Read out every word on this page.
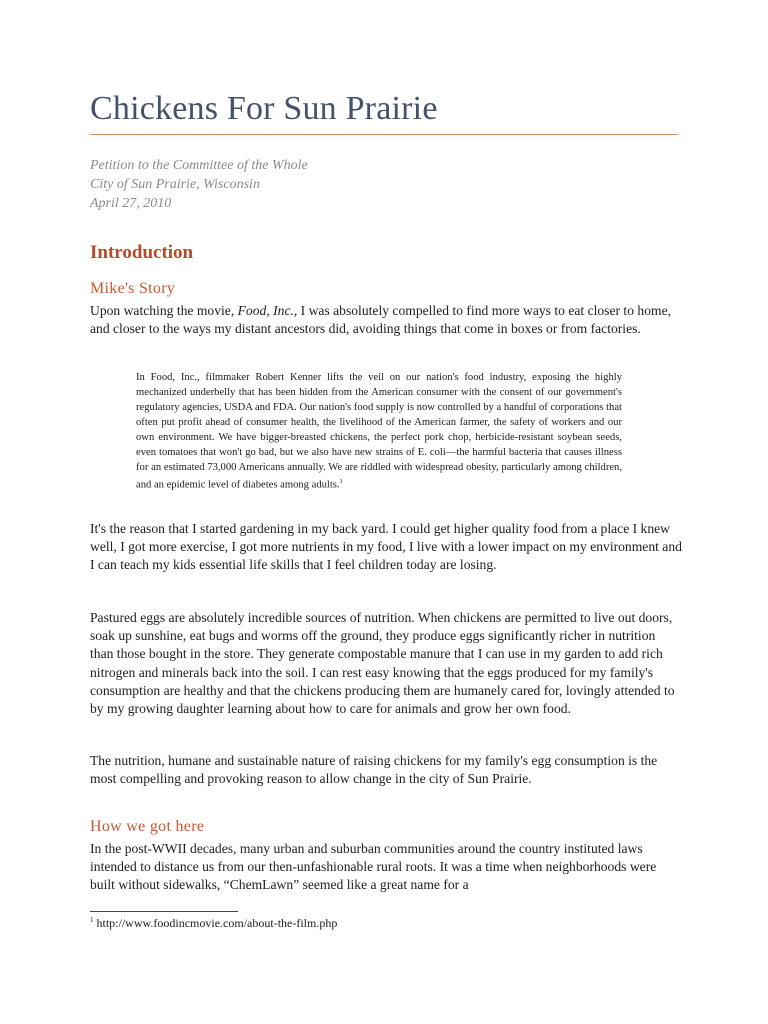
Chickens For Sun Prairie
Petition to the Committee of the Whole
City of Sun Prairie, Wisconsin
April 27, 2010
Introduction
Mike's Story

Upon watching the movie, Food, Inc., I was absolutely compelled to find more ways to eat closer to home, and closer to the ways my distant ancestors did, avoiding things that come in boxes or from factories.

In Food, Inc., filmmaker Robert Kenner lifts the veil on our nation's food industry, exposing the highly mechanized underbelly that has been hidden from the American consumer with the consent of our government's regulatory agencies, USDA and FDA. Our nation's food supply is now controlled by a handful of corporations that often put profit ahead of consumer health, the livelihood of the American farmer, the safety of workers and our own environment. We have bigger-breasted chickens, the perfect pork chop, herbicide-resistant soybean seeds, even tomatoes that won't go bad, but we also have new strains of E. coli—the harmful bacteria that causes illness for an estimated 73,000 Americans annually. We are riddled with widespread obesity, particularly among children, and an epidemic level of diabetes among adults.$^1$

It's the reason that I started gardening in my back yard. I could get higher quality food from a place I knew well, I got more exercise, I got more nutrients in my food, I live with a lower impact on my environment and I can teach my kids essential life skills that I feel children today are losing.

Pastured eggs are absolutely incredible sources of nutrition. When chickens are permitted to live out doors, soak up sunshine, eat bugs and worms off the ground, they produce eggs significantly richer in nutrition than those bought in the store. They generate compostable manure that I can use in my garden to add rich nitrogen and minerals back into the soil. I can rest easy knowing that the eggs produced for my family's consumption are healthy and that the chickens producing them are humanely cared for, lovingly attended to by my growing daughter learning about how to care for animals and grow her own food.

The nutrition, humane and sustainable nature of raising chickens for my family's egg consumption is the most compelling and provoking reason to allow change in the city of Sun Prairie.

How we got here

In the post-WWII decades, many urban and suburban communities around the country instituted laws intended to distance us from our then-unfashionable rural roots. It was a time when neighborhoods were built without sidewalks, “ChemLawn” seemed like a great name for a

$^1$ http://www.foodincmovie.com/about-the-film.php
